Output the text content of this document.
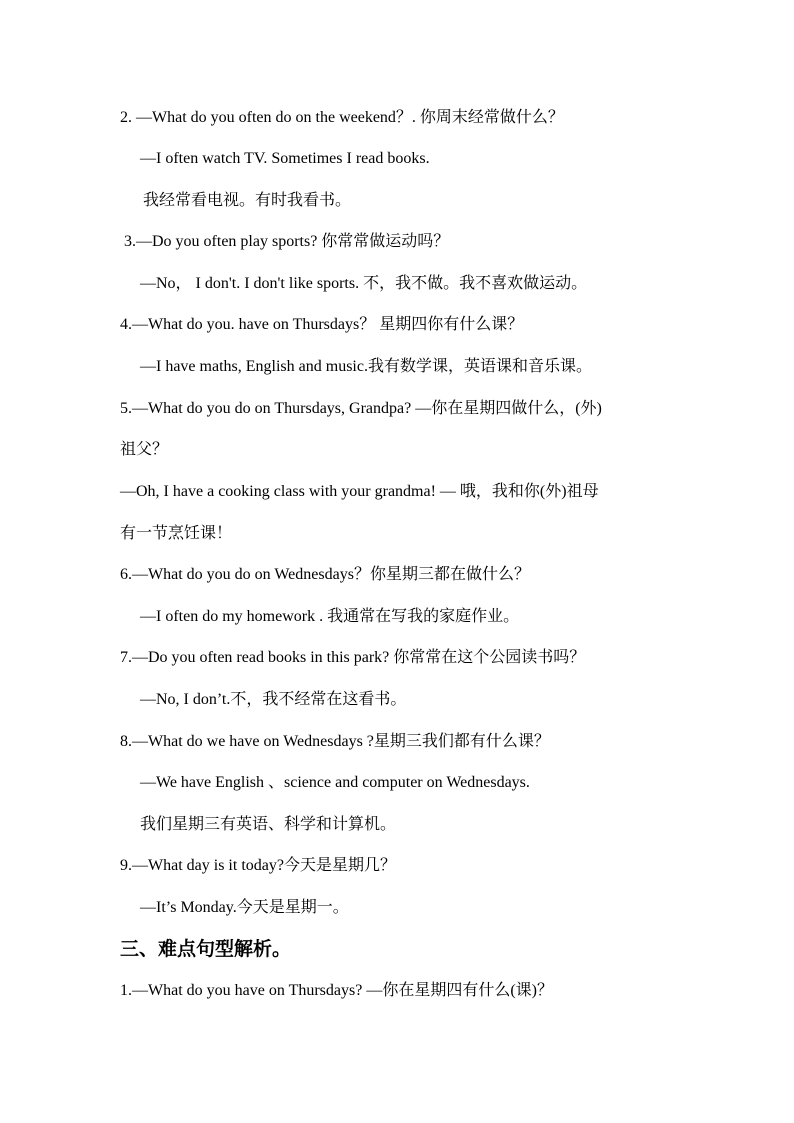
2. —What do you often do on the weekend？. 你周末经常做什么？
—I often watch TV. Sometimes I read books.
我经常看电视。有时我看书。
3.—Do you often play sports? 你常常做运动吗？
—No， I don't. I don't like sports. 不，我不做。我不喜欢做运动。
4.—What do you. have on Thursdays？ 星期四你有什么课？
—I have maths, English and music.我有数学课，英语课和音乐课。
5.—What do you do on Thursdays, Grandpa? —你在星期四做什么，(外)
祖父？
—Oh, I have a cooking class with your grandma! — 哦，我和你(外)祖母
有一节烹饪课！
6.—What do you do on Wednesdays？你星期三都在做什么？
—I often do my homework . 我通常在写我的家庭作业。
7.—Do you often read books in this park? 你常常在这个公园读书吗？
—No, I don’t.不，我不经常在这看书。
8.—What do we have on Wednesdays ?星期三我们都有什么课？
—We have English 、science and computer on Wednesdays.
我们星期三有英语、科学和计算机。
9.—What day is it today?今天是星期几？
—It’s Monday.今天是星期一。
三、难点句型解析。
1.—What do you have on Thursdays? —你在星期四有什么(课)？
